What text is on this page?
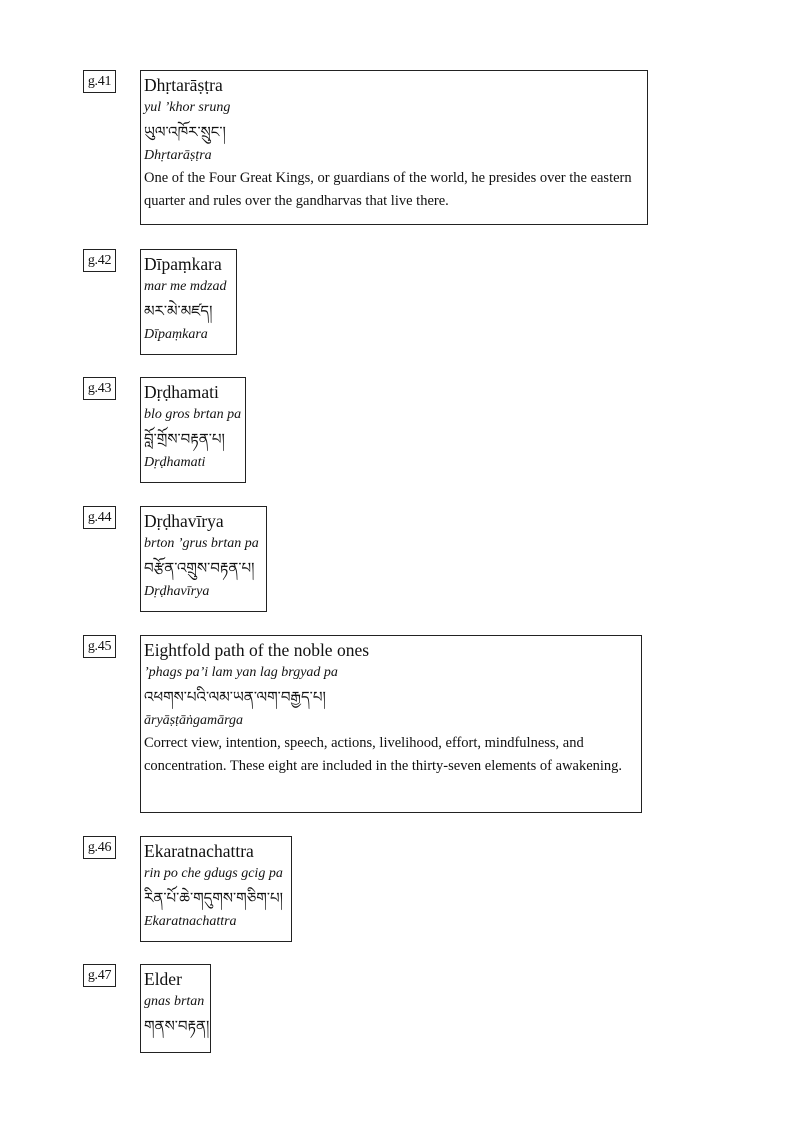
g.41 Dhṛtarāṣṭra
yul ’khor srung
ཡུལ་འཁོར་སྲུང་།
Dhṛtarāṣṭra
One of the Four Great Kings, or guardians of the world, he presides over the eastern quarter and rules over the gandharvas that live there.
g.42 Dīpaṃkara
mar me mdzad
མར་མེ་མཛད།
Dīpaṃkara
g.43 Dṛḍhamati
blo gros brtan pa
བློ་གྲོས་བརྟན་པ།
Dṛḍhamati
g.44 Dṛḍhavīrya
brton ’grus brtan pa
བརྩོན་འགྲུས་བརྟན་པ།
Dṛḍhavīrya
g.45 Eightfold path of the noble ones
’phags pa’i lam yan lag brgyad pa
འཕགས་པའི་ལམ་ཡན་ལག་བརྒྱད་པ།
āryāṣṭāṅgamārga
Correct view, intention, speech, actions, livelihood, effort, mindfulness, and concentration. These eight are included in the thirty-seven elements of awakening.
g.46 Ekaratnachattra
rin po che gdugs gcig pa
རིན་པོ་ཆེ་གདུགས་གཅིག་པ།
Ekaratnachattra
g.47 Elder
gnas brtan
གནས་བརྟན།
